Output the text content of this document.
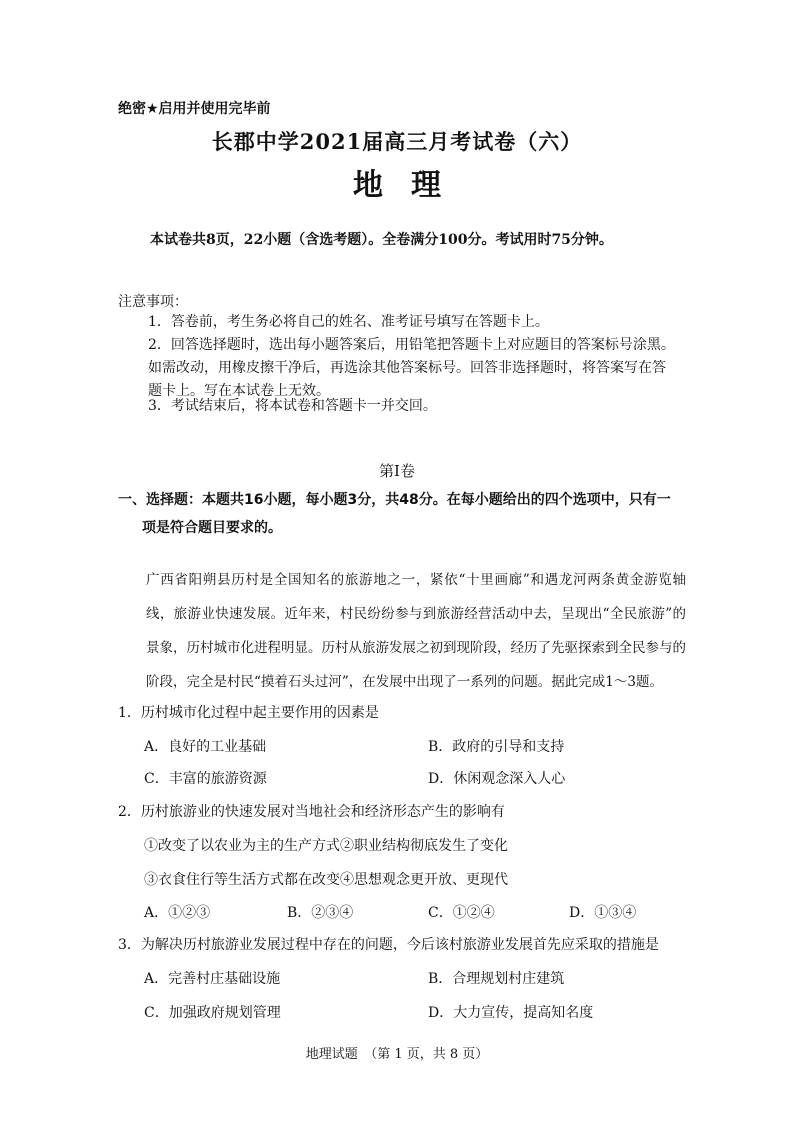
绝密★启用并使用完毕前
长郡中学2021届高三月考试卷（六）
地理
本试卷共8页，22小题（含选考题）。全卷满分100分。考试用时75分钟。
注意事项：
1．答卷前，考生务必将自己的姓名、准考证号填写在答题卡上。
2．回答选择题时，选出每小题答案后，用铅笔把答题卡上对应题目的答案标号涂黑。如需改动，用橡皮擦干净后，再选涂其他答案标号。回答非选择题时，将答案写在答题卡上。写在本试卷上无效。
3．考试结束后，将本试卷和答题卡一并交回。
第Ⅰ卷
一、选择题：本题共16小题，每小题3分，共48分。在每小题给出的四个选项中，只有一
项是符合题目要求的。
广西省阳朔县历村是全国知名的旅游地之一，紧依“十里画廊”和遇龙河两条黄金游览轴线，旅游业快速发展。近年来，村民纷纷参与到旅游经营活动中去，呈现出“全民旅游”的景象，历村城市化进程明显。历村从旅游发展之初到现阶段，经历了先驱探索到全民参与的阶段，完全是村民“摸着石头过河”，在发展中出现了一系列的问题。据此完成1～3题。
1．历村城市化过程中起主要作用的因素是
A．良好的工业基础	B．政府的引导和支持
C．丰富的旅游资源	D．休闲观念深入人心
2．历村旅游业的快速发展对当地社会和经济形态产生的影响有
①改变了以农业为主的生产方式②职业结构彻底发生了变化
③衣食住行等生活方式都在改变④思想观念更开放、更现代
A．①②③	B．②③④	C．①②④	D．①③④
3．为解决历村旅游业发展过程中存在的问题，今后该村旅游业发展首先应采取的措施是
A．完善村庄基础设施	B．合理规划村庄建筑
C．加强政府规划管理	D．大力宣传，提高知名度
地理试题　（第 1 页，共 8 页）
